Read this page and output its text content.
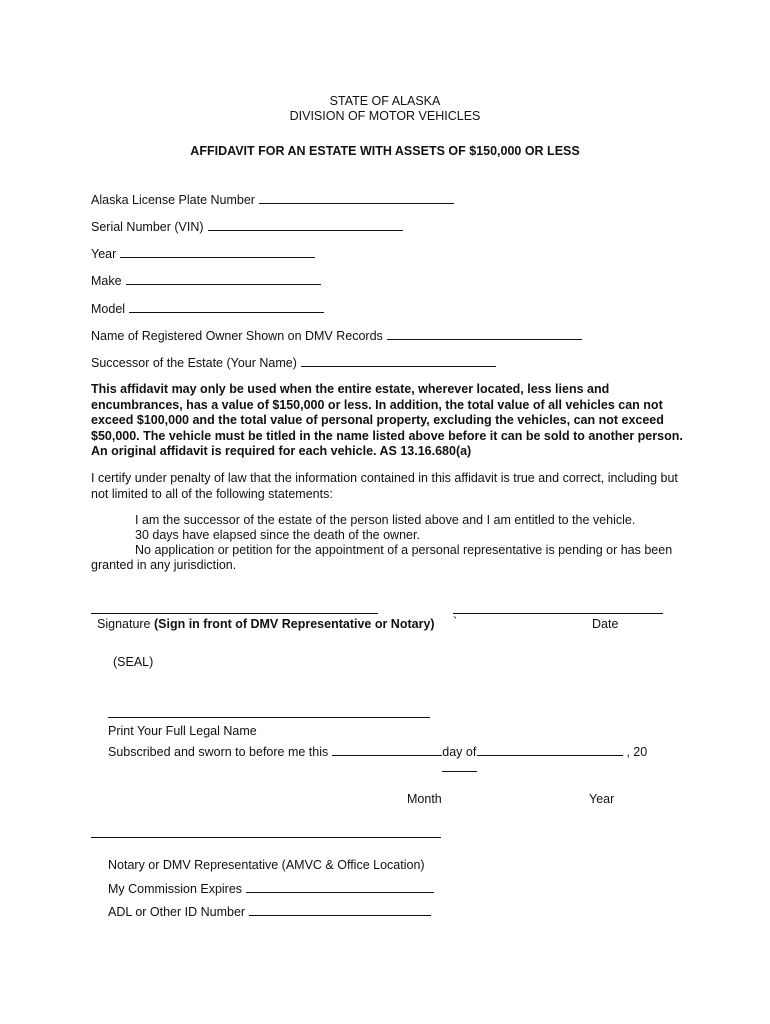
STATE OF ALASKA
DIVISION OF MOTOR VEHICLES
AFFIDAVIT FOR AN ESTATE WITH ASSETS OF $150,000 OR LESS
Alaska License Plate Number
Serial Number (VIN)
Year
Make
Model
Name of Registered Owner Shown on DMV Records
Successor of the Estate (Your Name)
This affidavit may only be used when the entire estate, wherever located, less liens and encumbrances, has a value of $150,000 or less. In addition, the total value of all vehicles can not exceed $100,000 and the total value of personal property, excluding the vehicles, can not exceed $50,000. The vehicle must be titled in the name listed above before it can be sold to another person. An original affidavit is required for each vehicle. AS 13.16.680(a)
I certify under penalty of law that the information contained in this affidavit is true and correct, including but not limited to all of the following statements:
I am the successor of the estate of the person listed above and I am entitled to the vehicle.
30 days have elapsed since the death of the owner.
No application or petition for the appointment of a personal representative is pending or has been
granted in any jurisdiction.
Signature (Sign in front of DMV Representative or Notary) `	Date
(SEAL)
Print Your Full Legal Name
Subscribed and sworn to before me this	day of	, 20
Month	Year
Notary or DMV Representative (AMVC & Office Location)
My Commission Expires
ADL or Other ID Number
